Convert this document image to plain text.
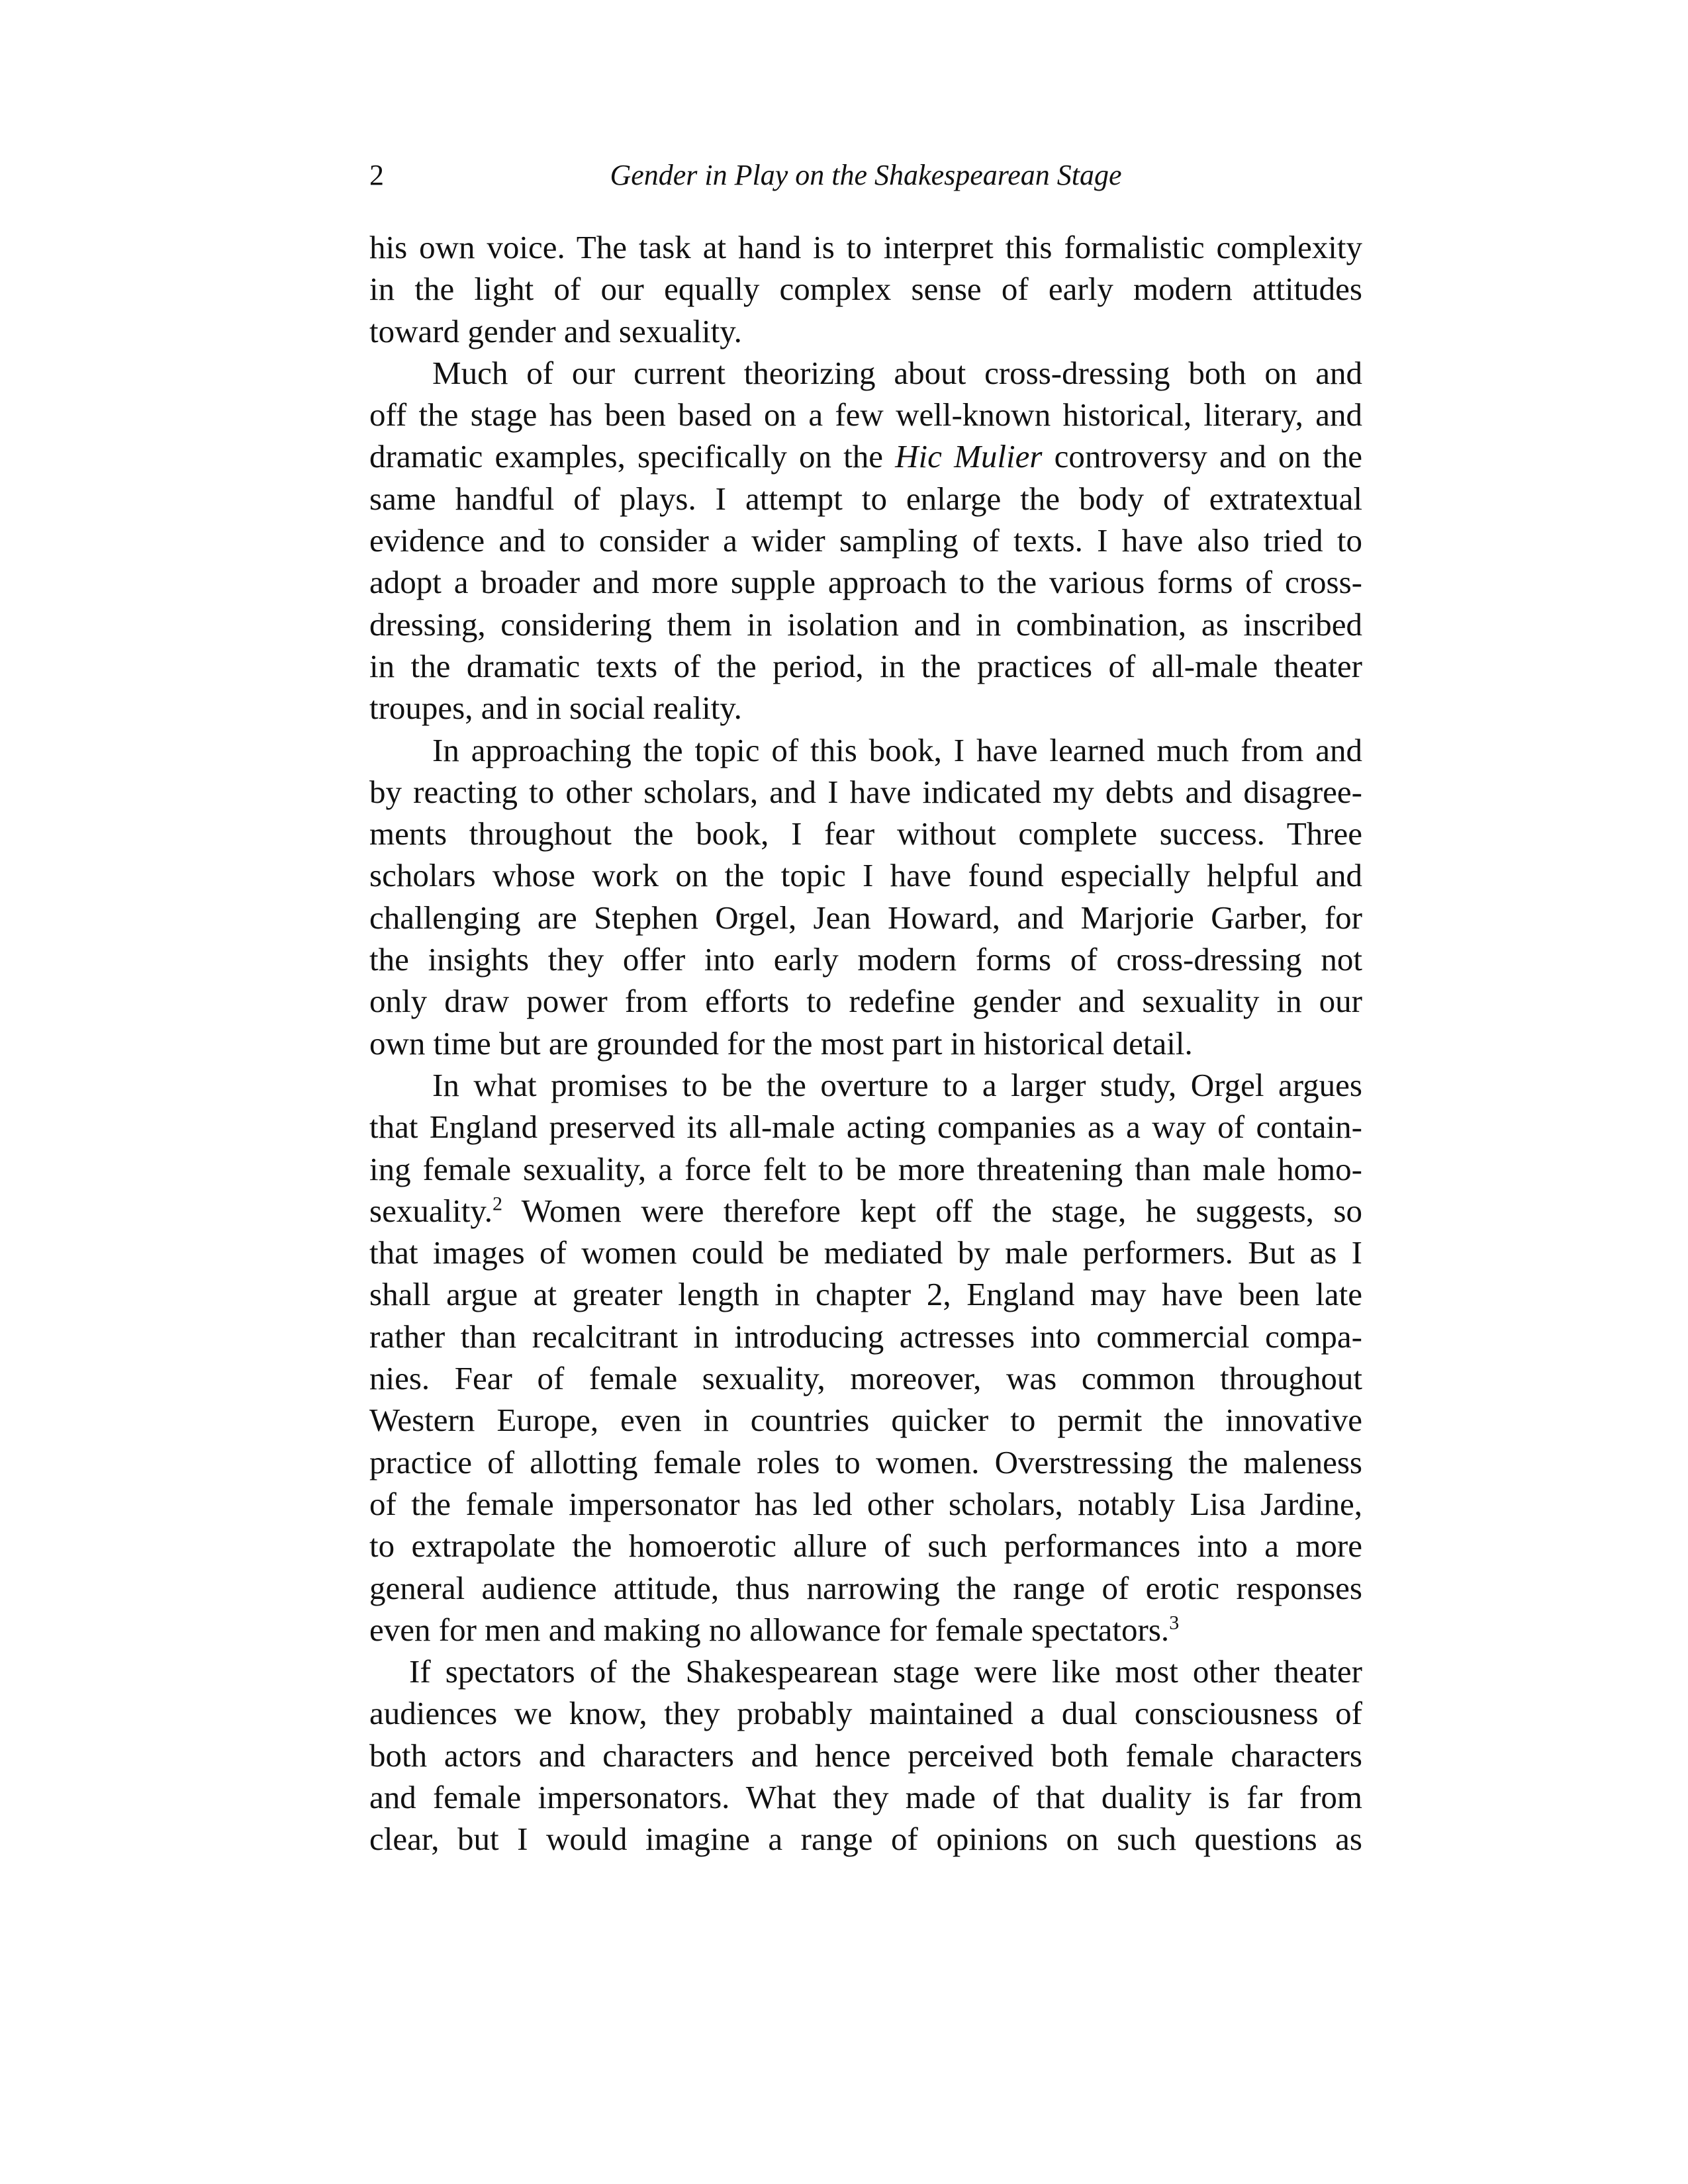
2	Gender in Play on the Shakespearean Stage
his own voice. The task at hand is to interpret this formalistic complexity
in the light of our equally complex sense of early modern attitudes
toward gender and sexuality.
Much of our current theorizing about cross-dressing both on and
off the stage has been based on a few well-known historical, literary, and
dramatic examples, specifically on the Hic Mulier controversy and on the
same handful of plays. I attempt to enlarge the body of extratextual
evidence and to consider a wider sampling of texts. I have also tried to
adopt a broader and more supple approach to the various forms of cross-
dressing, considering them in isolation and in combination, as inscribed
in the dramatic texts of the period, in the practices of all-male theater
troupes, and in social reality.
In approaching the topic of this book, I have learned much from and
by reacting to other scholars, and I have indicated my debts and disagree-
ments throughout the book, I fear without complete success. Three
scholars whose work on the topic I have found especially helpful and
challenging are Stephen Orgel, Jean Howard, and Marjorie Garber, for
the insights they offer into early modern forms of cross-dressing not
only draw power from efforts to redefine gender and sexuality in our
own time but are grounded for the most part in historical detail.
In what promises to be the overture to a larger study, Orgel argues
that England preserved its all-male acting companies as a way of contain-
ing female sexuality, a force felt to be more threatening than male homo-
sexuality.$^2$ Women were therefore kept off the stage, he suggests, so
that images of women could be mediated by male performers. But as I
shall argue at greater length in chapter 2, England may have been late
rather than recalcitrant in introducing actresses into commercial compa-
nies. Fear of female sexuality, moreover, was common throughout
Western Europe, even in countries quicker to permit the innovative
practice of allotting female roles to women. Overstressing the maleness
of the female impersonator has led other scholars, notably Lisa Jardine,
to extrapolate the homoerotic allure of such performances into a more
general audience attitude, thus narrowing the range of erotic responses
even for men and making no allowance for female spectators.$^3$
If spectators of the Shakespearean stage were like most other theater
audiences we know, they probably maintained a dual consciousness of
both actors and characters and hence perceived both female characters
and female impersonators. What they made of that duality is far from
clear, but I would imagine a range of opinions on such questions as
